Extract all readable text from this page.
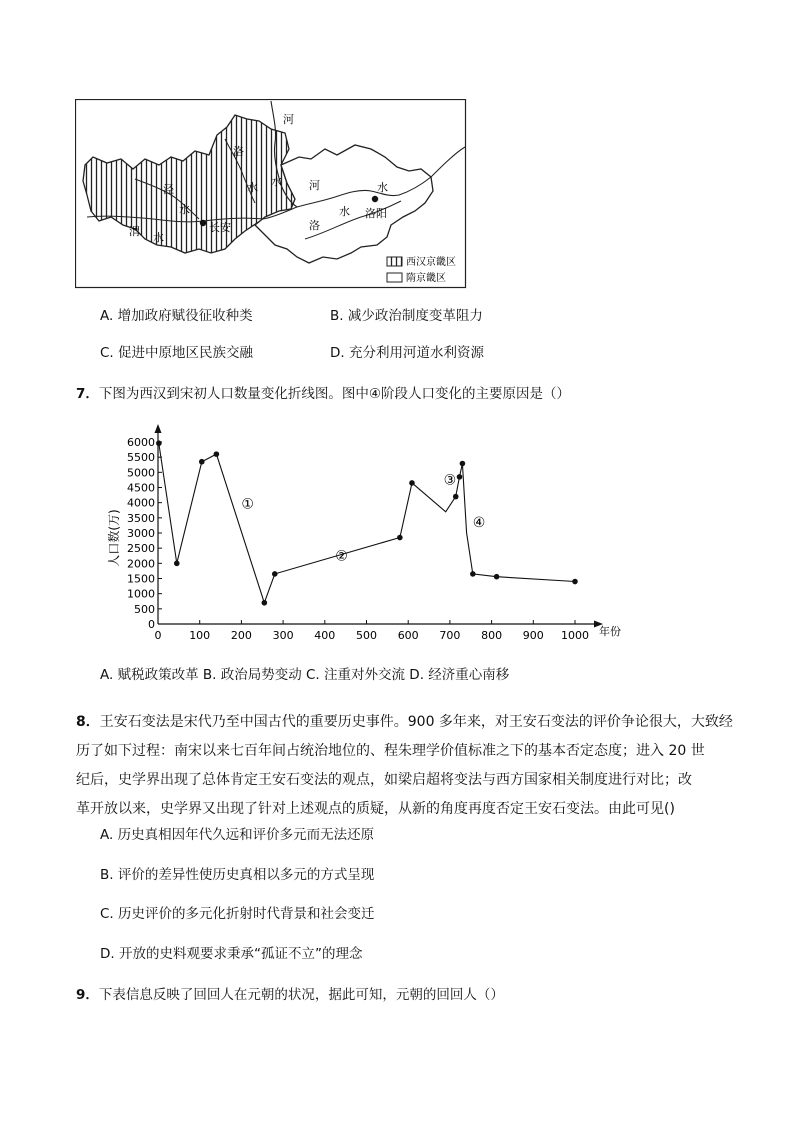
河
洛
水 水 河	水
泾
水
长安
渭 水
洛
水 洛阳
西汉京畿区
隋京畿区
A. 增加政府赋役征收种类	B. 减少政治制度变革阻力
C. 促进中原地区民族交融	D. 充分利用河道水利资源
7．下图为西汉到宋初人口数量变化折线图。图中④阶段人口变化的主要原因是（）
人口数(万)
年份
0	100 200 300 400 500 600 700 800 900 1000
0
500
1000
1500
2000
2500
3000
3500
4000
4500
5000
5500
6000
①
②
③
④
A. 赋税政策改革 B. 政治局势变动 C. 注重对外交流 D. 经济重心南移
8．王安石变法是宋代乃至中国古代的重要历史事件。900 多年来，对王安石变法的评价争论很大，大致经
历了如下过程：南宋以来七百年间占统治地位的、程朱理学价值标准之下的基本否定态度；进入 20 世
纪后，史学界出现了总体肯定王安石变法的观点，如梁启超将变法与西方国家相关制度进行对比；改
革开放以来，史学界又出现了针对上述观点的质疑，从新的角度再度否定王安石变法。由此可见()
A. 历史真相因年代久远和评价多元而无法还原
B. 评价的差异性使历史真相以多元的方式呈现
C. 历史评价的多元化折射时代背景和社会变迁
D. 开放的史料观要求秉承“孤证不立”的理念
9．下表信息反映了回回人在元朝的状况，据此可知，元朝的回回人（）
